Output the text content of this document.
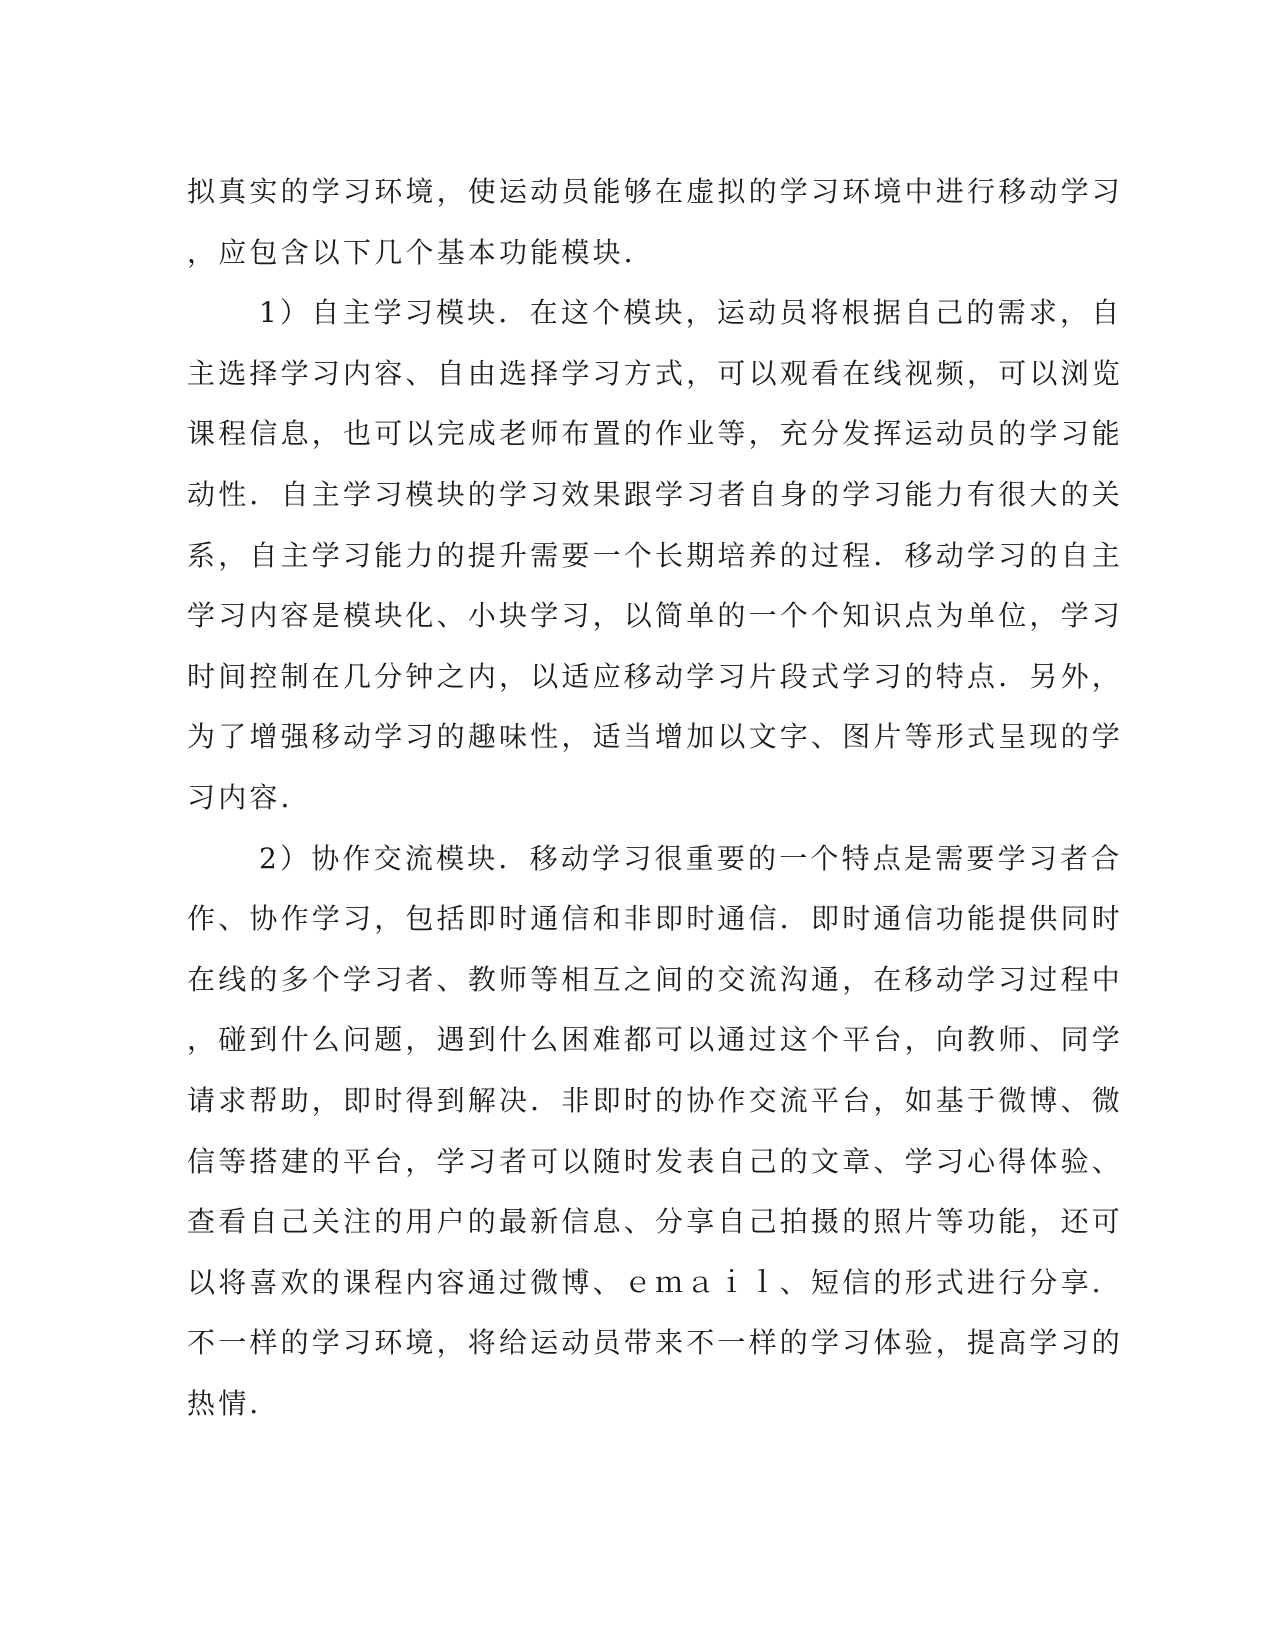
拟真实的学习环境，使运动员能够在虚拟的学习环境中进行移动学习
，应包含以下几个基本功能模块．
1）自主学习模块．在这个模块，运动员将根据自己的需求，自
主选择学习内容、自由选择学习方式，可以观看在线视频，可以浏览
课程信息，也可以完成老师布置的作业等，充分发挥运动员的学习能
动性．自主学习模块的学习效果跟学习者自身的学习能力有很大的关
系，自主学习能力的提升需要一个长期培养的过程．移动学习的自主
学习内容是模块化、小块学习，以简单的一个个知识点为单位，学习
时间控制在几分钟之内，以适应移动学习片段式学习的特点．另外，
为了增强移动学习的趣味性，适当增加以文字、图片等形式呈现的学
习内容．
2）协作交流模块．移动学习很重要的一个特点是需要学习者合
作、协作学习，包括即时通信和非即时通信．即时通信功能提供同时
在线的多个学习者、教师等相互之间的交流沟通，在移动学习过程中
，碰到什么问题，遇到什么困难都可以通过这个平台，向教师、同学
请求帮助，即时得到解决．非即时的协作交流平台，如基于微博、微
信等搭建的平台，学习者可以随时发表自己的文章、学习心得体验、
查看自己关注的用户的最新信息、分享自己拍摄的照片等功能，还可
以将喜欢的课程内容通过微博、ｅｍａｉｌ、短信的形式进行分享．
不一样的学习环境，将给运动员带来不一样的学习体验，提高学习的
热情．
